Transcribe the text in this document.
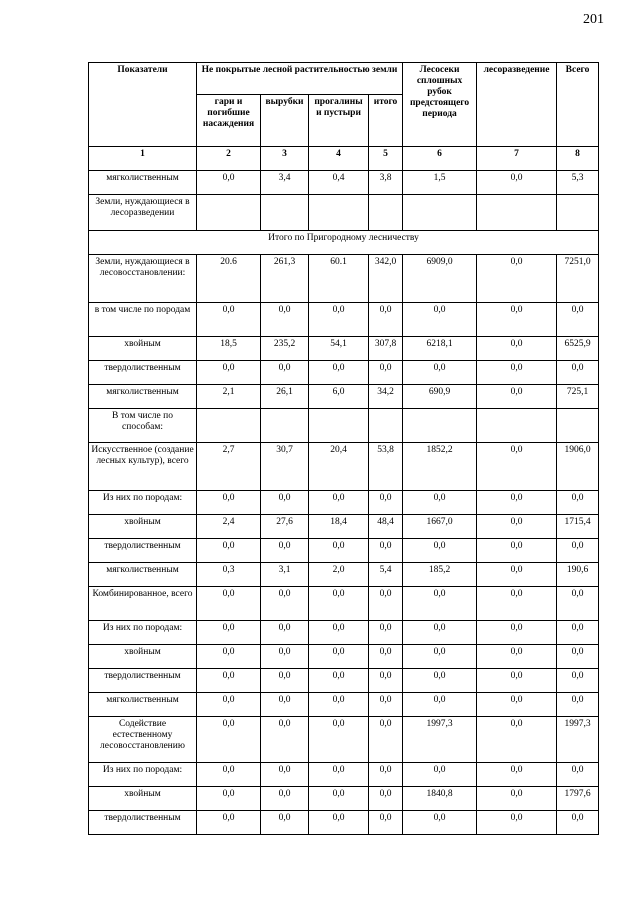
201
Показатели	Не покрытые лесной растительностью земли				Лесосеки сплошных рубок предстоящего периода	лесоразведение	Всего
	гари и погибшие насаждения	вырубки	прогалины и пустыри	итого			
1	2	3	4	5	6	7	8
мягколиственным	0,0	3,4	0,4	3,8	1,5	0,0	5,3
Земли, нуждающиеся в лесоразведении							
Итого по Пригородному лесничеству							
Земли, нуждающиеся в лесовосстановлении:	20.6	261,3	60.1	342,0	6909,0	0,0	7251,0
в том числе по породам	0,0	0,0	0,0	0,0	0,0	0,0	0,0
хвойным	18,5	235,2	54,1	307,8	6218,1	0,0	6525,9
твердолиственным	0,0	0,0	0,0	0,0	0,0	0,0	0,0
мягколиственным	2,1	26,1	6,0	34,2	690,9	0,0	725,1
В том числе по способам:							
Искусственное (создание лесных культур), всего	2,7	30,7	20,4	53,8	1852,2	0,0	1906,0
Из них по породам:	0,0	0,0	0,0	0,0	0,0	0,0	0,0
хвойным	2,4	27,6	18,4	48,4	1667,0	0,0	1715,4
твердолиственным	0,0	0,0	0,0	0,0	0,0	0,0	0,0
мягколиственным	0,3	3,1	2,0	5,4	185,2	0,0	190,6
Комбинированное, всего	0,0	0,0	0,0	0,0	0,0	0,0	0,0
Из них по породам:	0,0	0,0	0,0	0,0	0,0	0,0	0,0
хвойным	0,0	0,0	0,0	0,0	0,0	0,0	0,0
твердолиственным	0,0	0,0	0,0	0,0	0,0	0,0	0,0
мягколиственным	0,0	0,0	0,0	0,0	0,0	0,0	0,0
Содействие естественному лесовосстановлению	0,0	0,0	0,0	0,0	1997,3	0,0	1997,3
Из них по породам:	0,0	0,0	0,0	0,0	0,0	0,0	0,0
хвойным	0,0	0,0	0,0	0,0	1840,8	0,0	1797,6
твердолиственным	0,0	0,0	0,0	0,0	0,0	0,0	0,0
